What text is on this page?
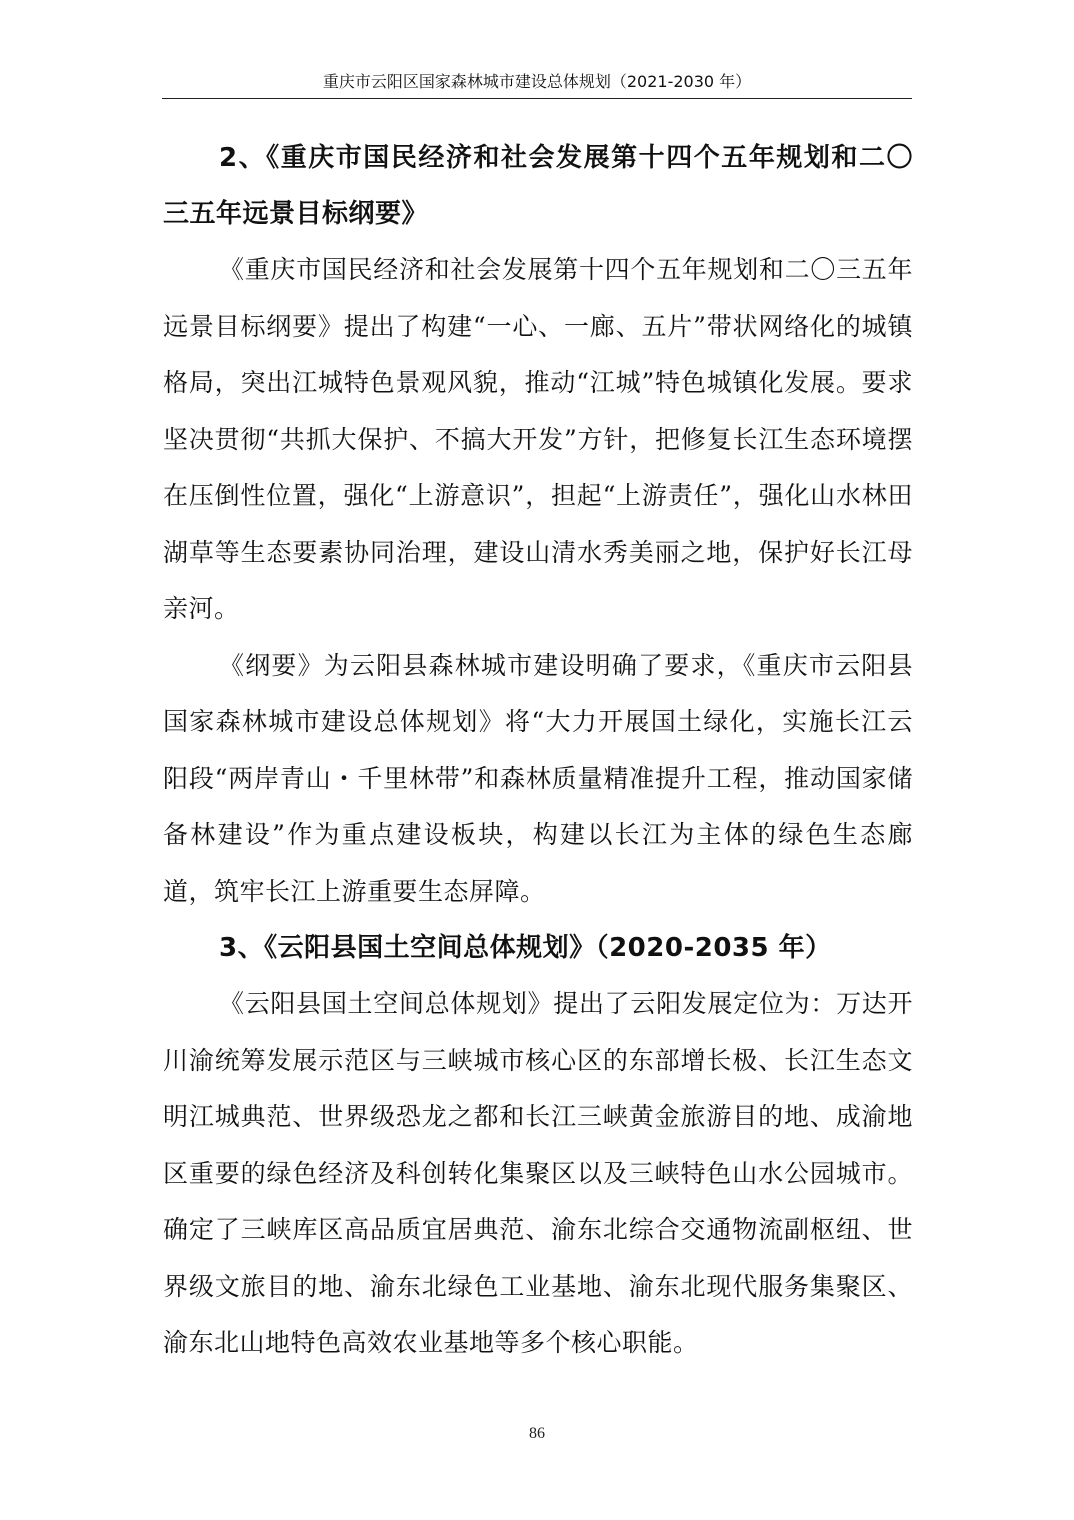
重庆市云阳区国家森林城市建设总体规划（2021-2030 年）
2、《重庆市国民经济和社会发展第十四个五年规划和二〇三五年远景目标纲要》

《重庆市国民经济和社会发展第十四个五年规划和二〇三五年远景目标纲要》提出了构建“一心、一廊、五片”带状网络化的城镇格局，突出江城特色景观风貌，推动“江城”特色城镇化发展。要求坚决贯彻“共抓大保护、不搞大开发”方针，把修复长江生态环境摆在压倒性位置，强化“上游意识”，担起“上游责任”，强化山水林田湖草等生态要素协同治理，建设山清水秀美丽之地，保护好长江母亲河。

《纲要》为云阳县森林城市建设明确了要求，《重庆市云阳县国家森林城市建设总体规划》将“大力开展国土绿化，实施长江云阳段“两岸青山・千里林带”和森林质量精准提升工程，推动国家储备林建设”作为重点建设板块，构建以长江为主体的绿色生态廊道，筑牢长江上游重要生态屏障。

3、《云阳县国土空间总体规划》（2020-2035 年）

《云阳县国土空间总体规划》提出了云阳发展定位为：万达开川渝统筹发展示范区与三峡城市核心区的东部增长极、长江生态文明江城典范、世界级恐龙之都和长江三峡黄金旅游目的地、成渝地区重要的绿色经济及科创转化集聚区以及三峡特色山水公园城市。确定了三峡库区高品质宜居典范、渝东北综合交通物流副枢纽、世界级文旅目的地、渝东北绿色工业基地、渝东北现代服务集聚区、渝东北山地特色高效农业基地等多个核心职能。

86
